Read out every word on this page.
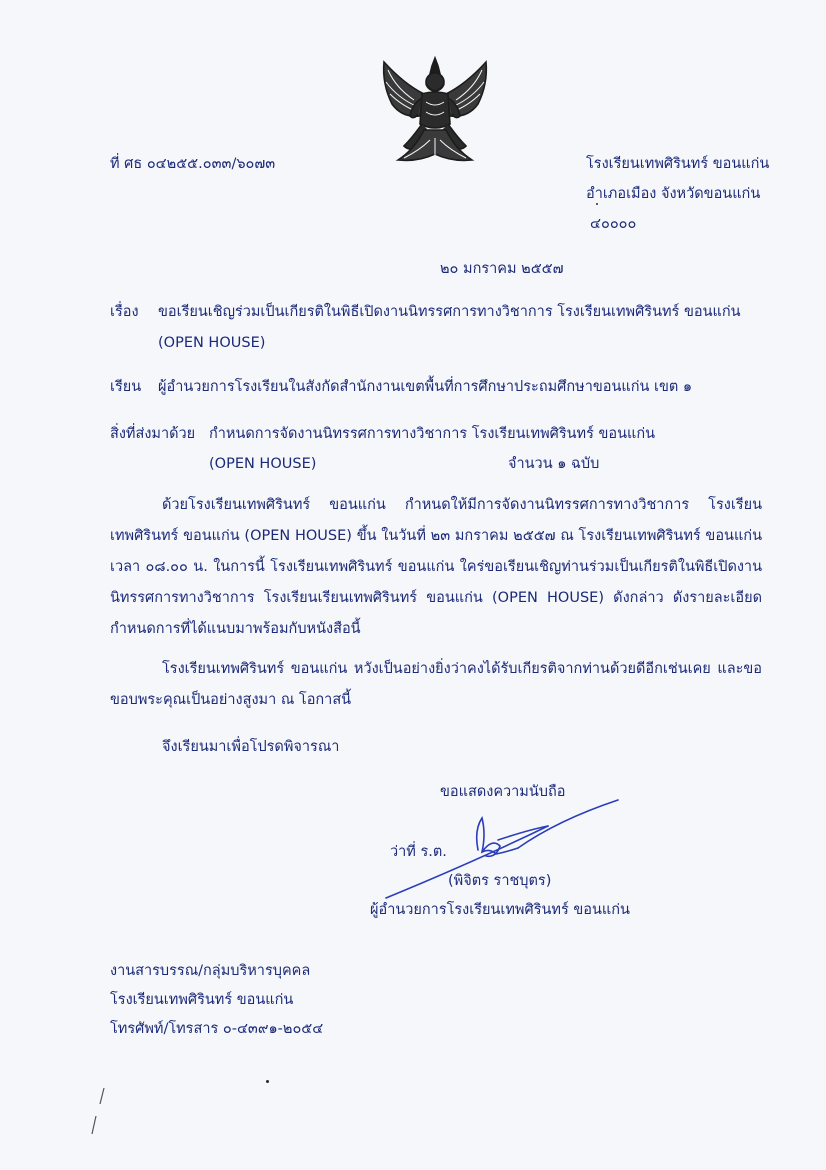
ที่ ศธ ๐๔๒๕๕.๐๓๓/๖๐๗๓	โรงเรียนเทพศิรินทร์ ขอนแก่น
อำเภอเมือง จังหวัดขอนแก่น
๔๐๐๐๐
๒๐ มกราคม ๒๕๕๗
เรื่อง ขอเรียนเชิญร่วมเป็นเกียรติในพิธีเปิดงานนิทรรศการทางวิชาการ โรงเรียนเทพศิรินทร์ ขอนแก่น
(OPEN HOUSE)
เรียน ผู้อำนวยการโรงเรียนในสังกัดสำนักงานเขตพื้นที่การศึกษาประถมศึกษาขอนแก่น เขต ๑
สิ่งที่ส่งมาด้วย กำหนดการจัดงานนิทรรศการทางวิชาการ โรงเรียนเทพศิรินทร์ ขอนแก่น
(OPEN HOUSE)	จำนวน ๑ ฉบับ

ด้วยโรงเรียนเทพศิรินทร์ ขอนแก่น กำหนดให้มีการจัดงานนิทรรศการทางวิชาการ โรงเรียนเทพศิรินทร์ ขอนแก่น (OPEN HOUSE) ขึ้น ในวันที่ ๒๓ มกราคม ๒๕๕๗ ณ โรงเรียนเทพศิรินทร์ ขอนแก่น เวลา ๐๘.๐๐ น. ในการนี้ โรงเรียนเทพศิรินทร์ ขอนแก่น ใคร่ขอเรียนเชิญท่านร่วมเป็นเกียรติในพิธีเปิดงานนิทรรศการทางวิชาการ โรงเรียนเรียนเทพศิรินทร์ ขอนแก่น (OPEN HOUSE) ดังกล่าว ดังรายละเอียดกำหนดการที่ได้แนบมาพร้อมกับหนังสือนี้

โรงเรียนเทพศิรินทร์ ขอนแก่น หวังเป็นอย่างยิ่งว่าคงได้รับเกียรติจากท่านด้วยดีอีกเช่นเคย และขอขอบพระคุณเป็นอย่างสูงมา ณ โอกาสนี้

จึงเรียนมาเพื่อโปรดพิจารณา
ขอแสดงความนับถือ
ว่าที่ ร.ต.
(พิจิตร ราชบุตร)
ผู้อำนวยการโรงเรียนเทพศิรินทร์ ขอนแก่น
งานสารบรรณ/กลุ่มบริหารบุคคล
โรงเรียนเทพศิรินทร์ ขอนแก่น
โทรศัพท์/โทรสาร ๐-๔๓๙๑-๒๐๕๔
